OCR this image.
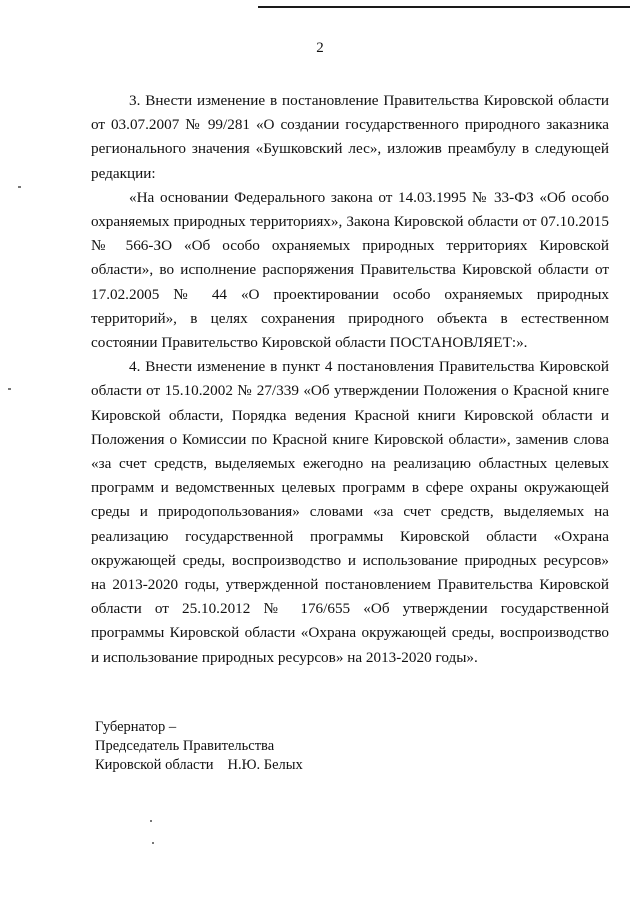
2

3. Внести изменение в постановление Правительства Кировской области от 03.07.2007 № 99/281 «О создании государственного природного заказника регионального значения «Бушковский лес», изложив преамбулу в следующей редакции:

«На основании Федерального закона от 14.03.1995 № 33-ФЗ «Об особо охраняемых природных территориях», Закона Кировской области от 07.10.2015 № 566-ЗО «Об особо охраняемых природных территориях Кировской области», во исполнение распоряжения Правительства Кировской области от 17.02.2005 № 44 «О проектировании особо охраняемых природных территорий», в целях сохранения природного объекта в естественном состоянии Правительство Кировской области ПОСТАНОВЛЯЕТ:».

4. Внести изменение в пункт 4 постановления Правительства Кировской области от 15.10.2002 № 27/339 «Об утверждении Положения о Красной книге Кировской области, Порядка ведения Красной книги Кировской области и Положения о Комиссии по Красной книге Кировской области», заменив слова «за счет средств, выделяемых ежегодно на реализацию областных целевых программ и ведомственных целевых программ в сфере охраны окружающей среды и природопользования» словами «за счет средств, выделяемых на реализацию государственной программы Кировской области «Охрана окружающей среды, воспроизводство и использование природных ресурсов» на 2013-2020 годы, утвержденной постановлением Правительства Кировской области от 25.10.2012 № 176/655 «Об утверждении государственной программы Кировской области «Охрана окружающей среды, воспроизводство и использование природных ресурсов» на 2013-2020 годы».

Губернатор –
Председатель Правительства
Кировской области Н.Ю. Белых
